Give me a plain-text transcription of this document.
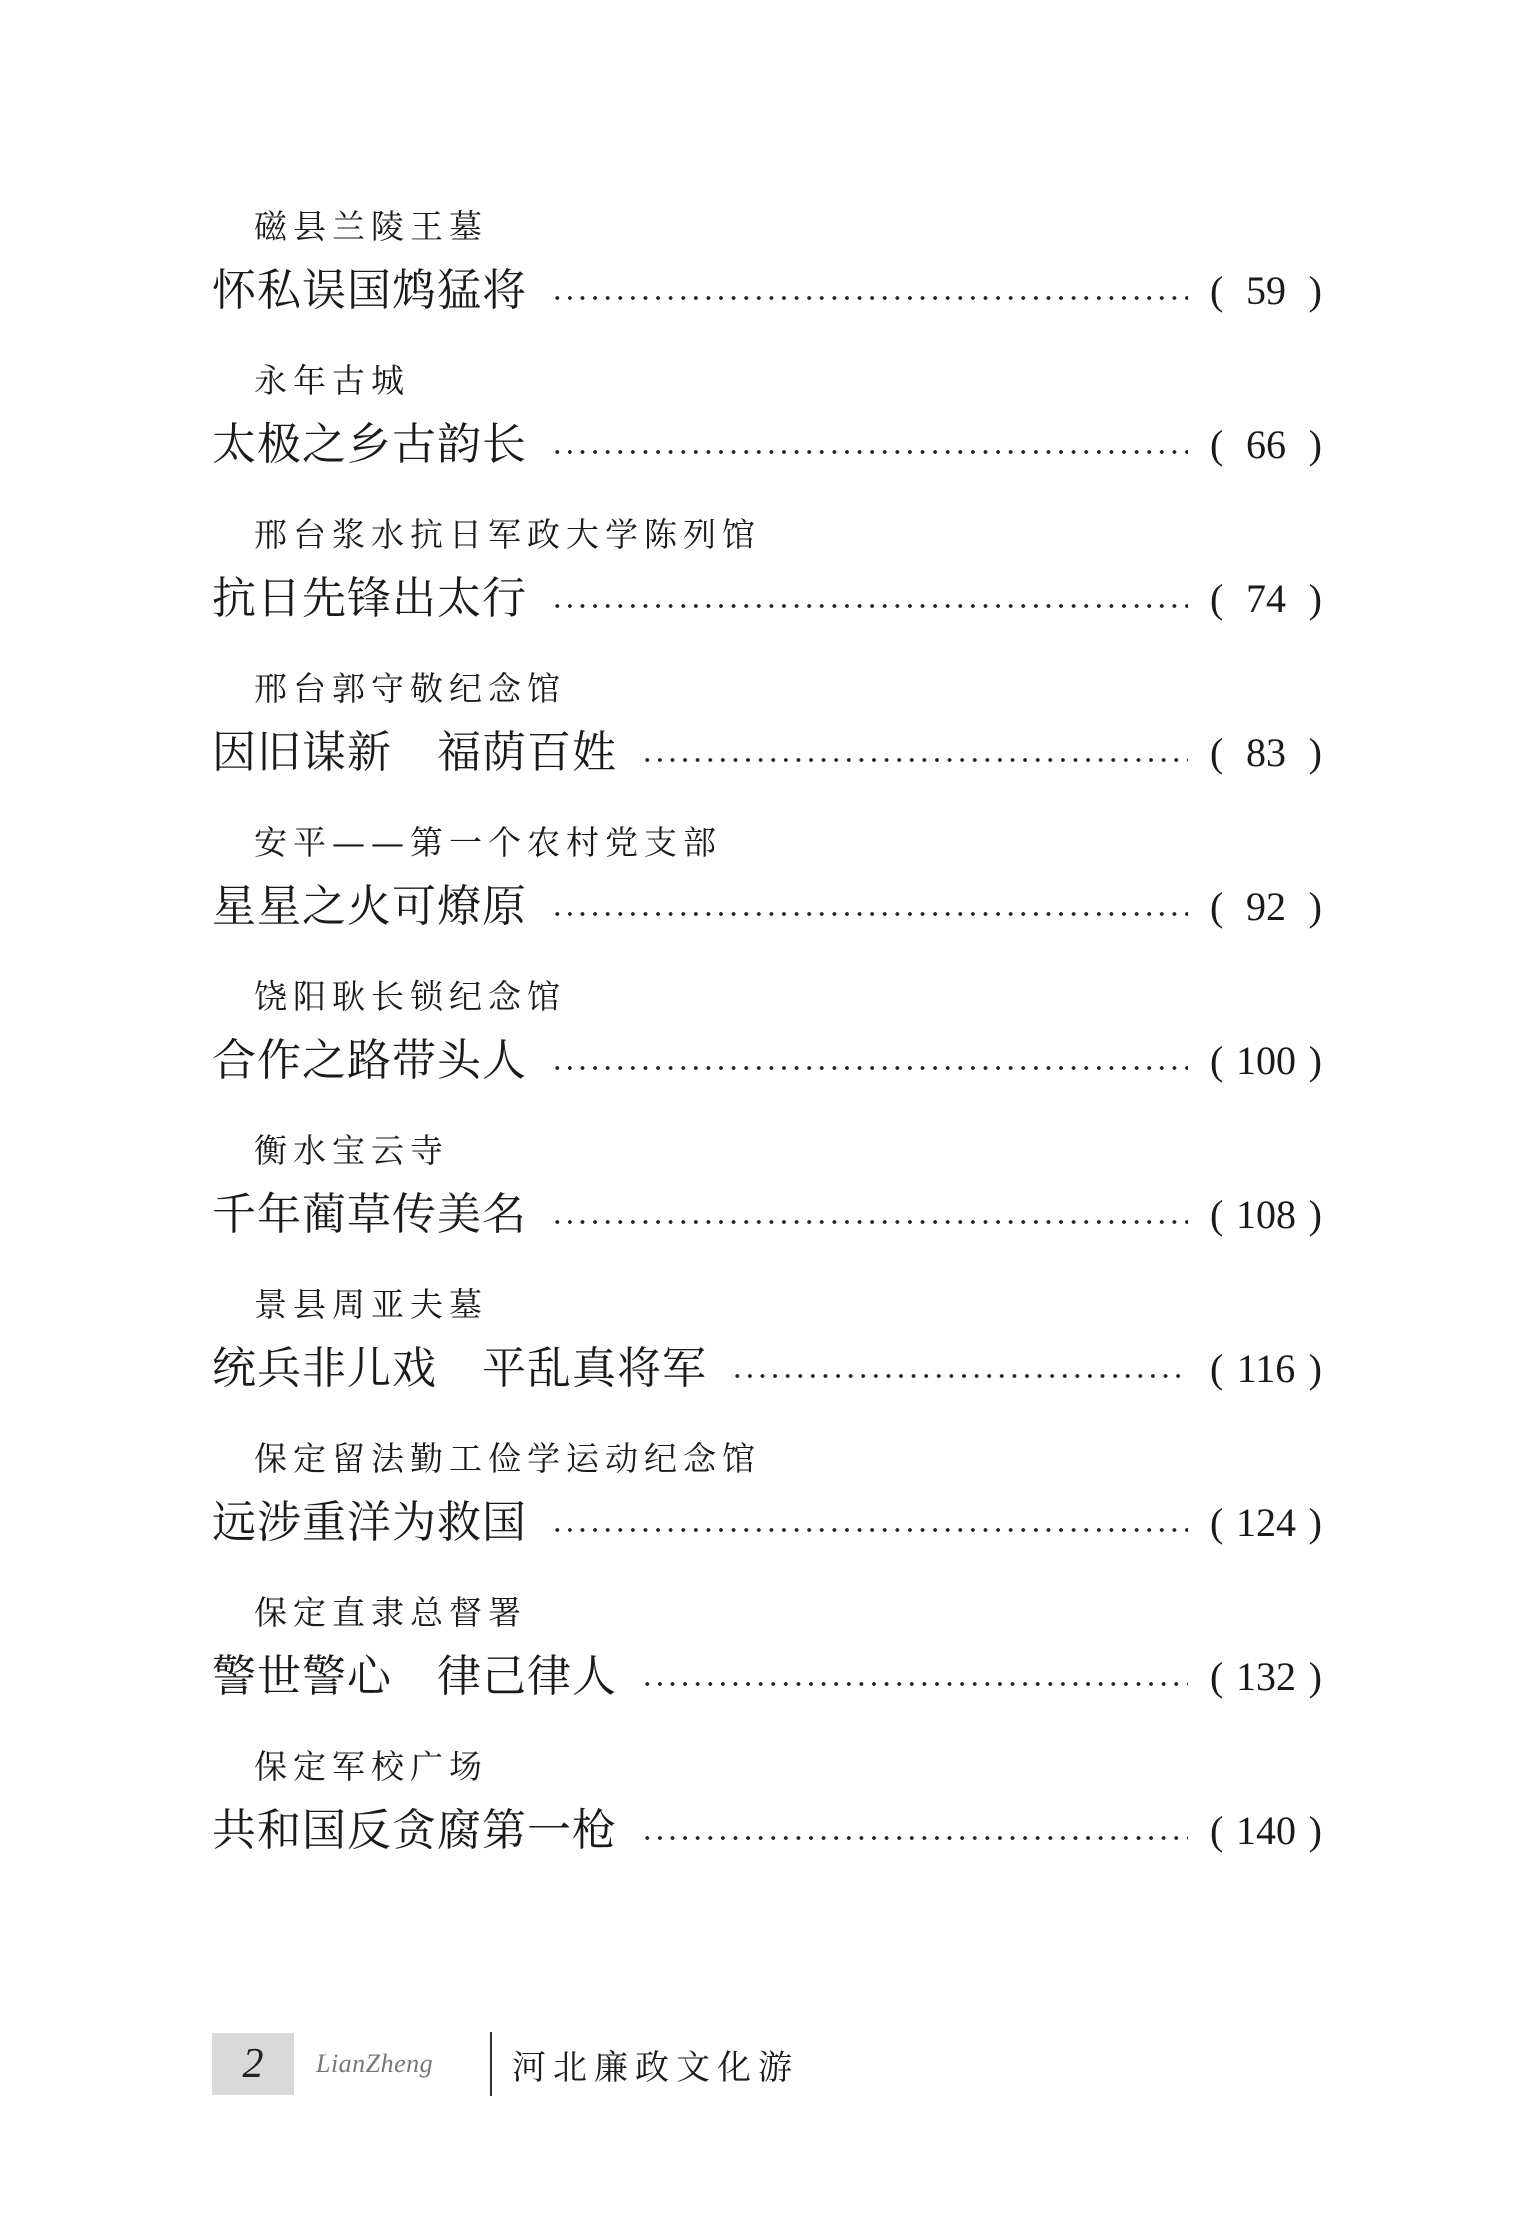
磁县兰陵王墓
怀私误国鸩猛将	( 59 )
永年古城
太极之乡古韵长	( 66 )
邢台浆水抗日军政大学陈列馆
抗日先锋出太行	( 74 )
邢台郭守敬纪念馆
因旧谋新　福荫百姓	( 83 )
安平——第一个农村党支部
星星之火可燎原	( 92 )
饶阳耿长锁纪念馆
合作之路带头人	( 100 )
衡水宝云寺
千年蔺草传美名	( 108 )
景县周亚夫墓
统兵非儿戏　平乱真将军	( 116 )
保定留法勤工俭学运动纪念馆
远涉重洋为救国	( 124 )
保定直隶总督署
警世警心　律己律人	( 132 )
保定军校广场
共和国反贪腐第一枪	( 140 )
2	LianZheng	河北廉政文化游
